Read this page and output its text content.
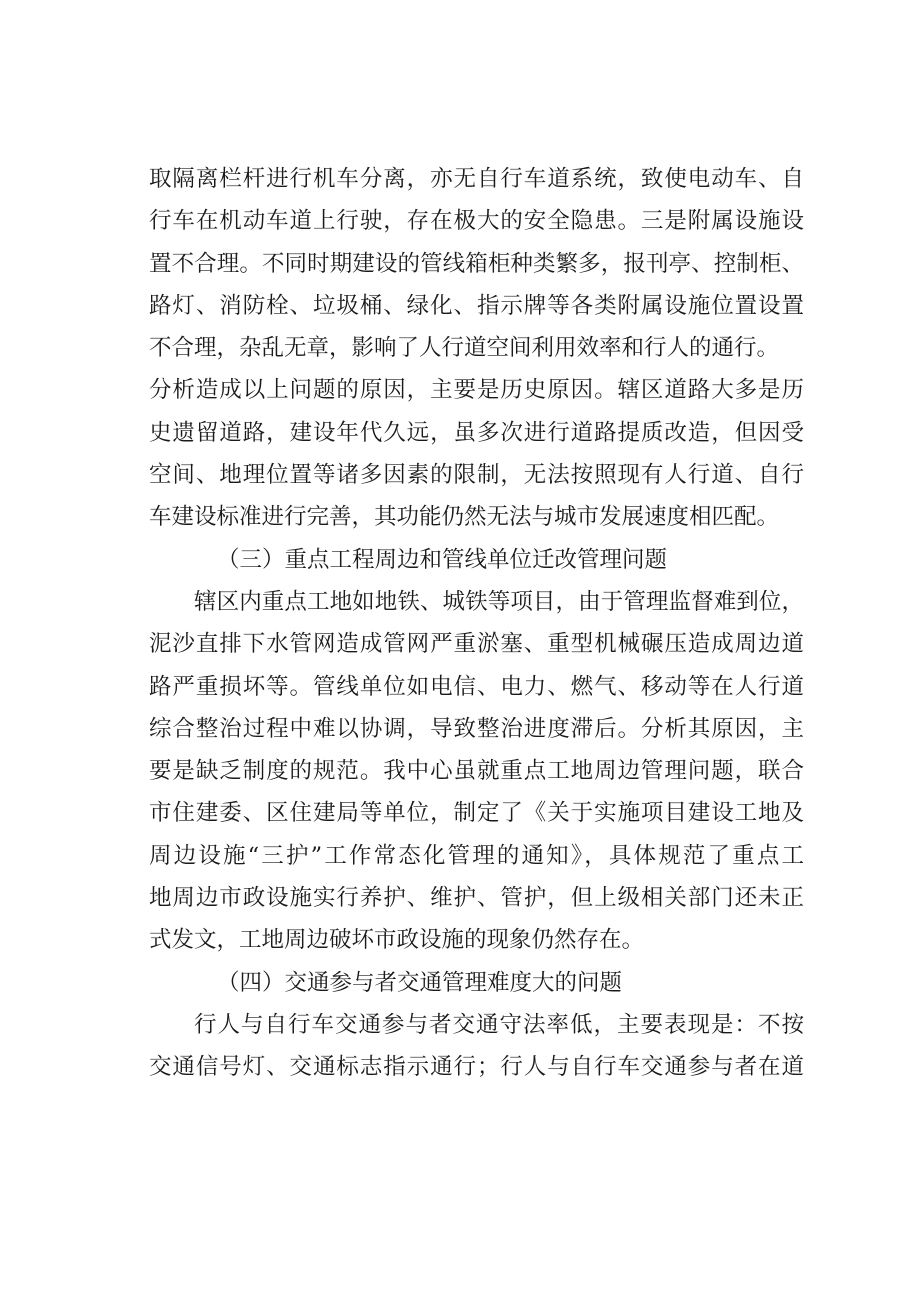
取隔离栏杆进行机车分离，亦无自行车道系统，致使电动车、自
行车在机动车道上行驶，存在极大的安全隐患。三是附属设施设
置不合理。不同时期建设的管线箱柜种类繁多，报刊亭、控制柜、
路灯、消防栓、垃圾桶、绿化、指示牌等各类附属设施位置设置
不合理，杂乱无章，影响了人行道空间利用效率和行人的通行。
分析造成以上问题的原因，主要是历史原因。辖区道路大多是历
史遗留道路，建设年代久远，虽多次进行道路提质改造，但因受
空间、地理位置等诸多因素的限制，无法按照现有人行道、自行
车建设标准进行完善，其功能仍然无法与城市发展速度相匹配。
（三）重点工程周边和管线单位迁改管理问题
辖区内重点工地如地铁、城铁等项目，由于管理监督难到位，
泥沙直排下水管网造成管网严重淤塞、重型机械碾压造成周边道
路严重损坏等。管线单位如电信、电力、燃气、移动等在人行道
综合整治过程中难以协调，导致整治进度滞后。分析其原因，主
要是缺乏制度的规范。我中心虽就重点工地周边管理问题，联合
市住建委、区住建局等单位，制定了《关于实施项目建设工地及
周边设施“三护”工作常态化管理的通知》，具体规范了重点工
地周边市政设施实行养护、维护、管护，但上级相关部门还未正
式发文，工地周边破坏市政设施的现象仍然存在。
（四）交通参与者交通管理难度大的问题
行人与自行车交通参与者交通守法率低，主要表现是：不按
交通信号灯、交通标志指示通行；行人与自行车交通参与者在道
